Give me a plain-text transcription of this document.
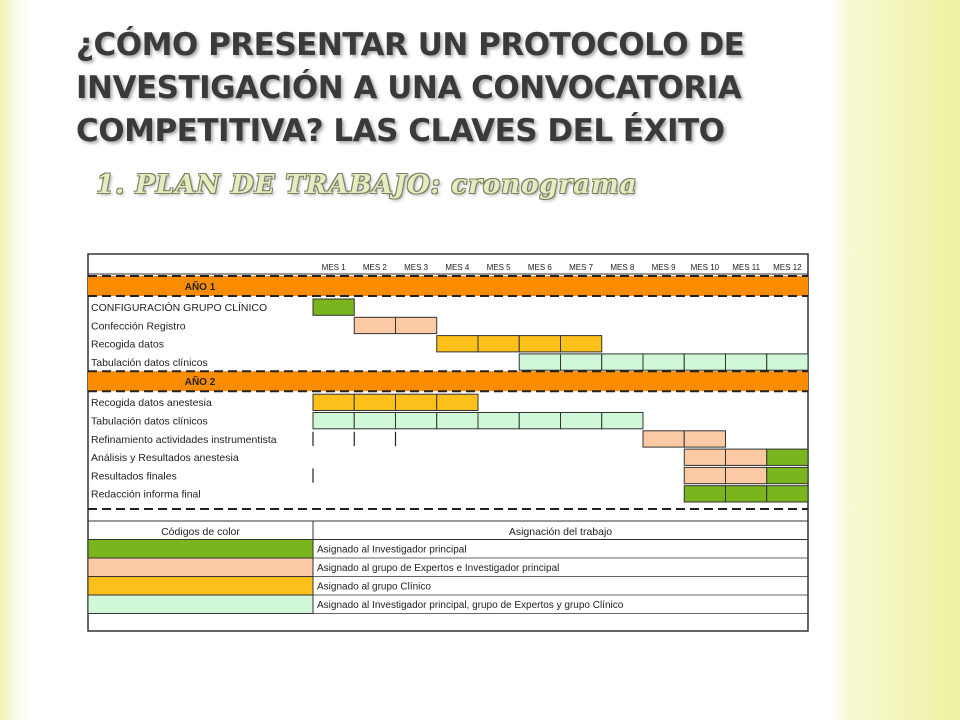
¿CÓMO PRESENTAR UN PROTOCOLO DE INVESTIGACIÓN A UNA CONVOCATORIA COMPETITIVA? LAS CLAVES DEL ÉXITO
1. PLAN DE TRABAJO: cronograma
MES 1 MES 2 MES 3 MES 4 MES 5 MES 6 MES 7 MES 8 MES 9 MES 10 MES 11 MES 12
AÑO 1
CONFIGURACIÓN GRUPO CLÍNICO
Confección Registro
Recogida datos
Tabulación datos clínicos
AÑO 2
Recogida datos anestesia
Tabulación datos clínicos
Refinamiento actividades instrumentista
Análisis y Resultados anestesia
Resultados finales
Redacción informa final
Códigos de color	Asignación del trabajo
Asignado al Investigador principal
Asignado al grupo de Expertos e Investigador principal
Asignado al grupo Clínico
Asignado al Investigador principal, grupo de Expertos y grupo Clínico
